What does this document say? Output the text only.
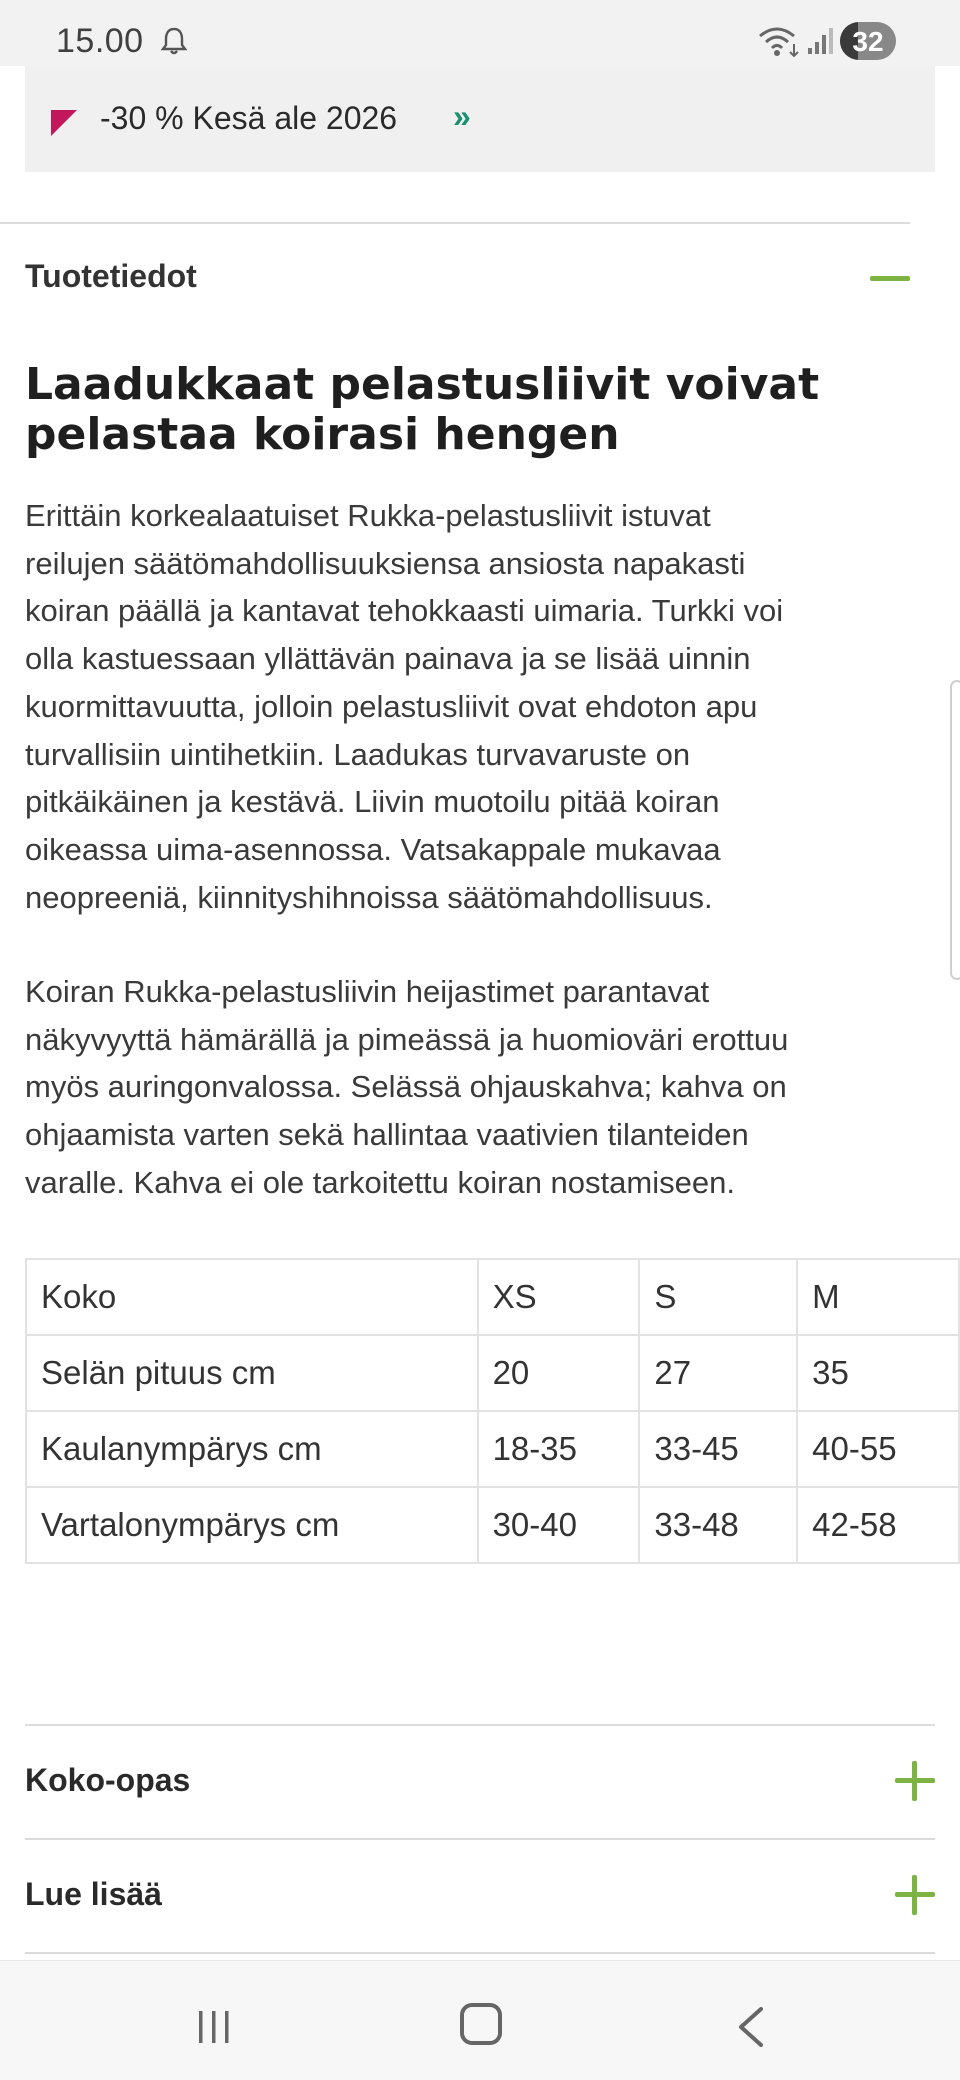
15.00	32
-30 % Kesä ale 2026 »
Tuotetiedot
Laadukkaat pelastusliivit voivat pelastaa koirasi hengen

Erittäin korkealaatuiset Rukka-pelastusliivit istuvat
reilujen säätömahdollisuuksiensa ansiosta napakasti
koiran päällä ja kantavat tehokkaasti uimaria. Turkki voi
olla kastuessaan yllättävän painava ja se lisää uinnin
kuormittavuutta, jolloin pelastusliivit ovat ehdoton apu
turvallisiin uintihetkiin. Laadukas turvavaruste on
pitkäikäinen ja kestävä. Liivin muotoilu pitää koiran
oikeassa uima-asennossa. Vatsakappale mukavaa
neopreeniä, kiinnityshihnoissa säätömahdollisuus.

Koiran Rukka-pelastusliivin heijastimet parantavat
näkyvyyttä hämärällä ja pimeässä ja huomioväri erottuu
myös auringonvalossa. Selässä ohjauskahva; kahva on
ohjaamista varten sekä hallintaa vaativien tilanteiden
varalle. Kahva ei ole tarkoitettu koiran nostamiseen.

Koko	XS	S	M
Selän pituus cm	20	27	35
Kaulanympärys cm	18-35	33-45	40-55
Vartalonympärys cm	30-40	33-48	42-58
Koko-opas
Lue lisää
